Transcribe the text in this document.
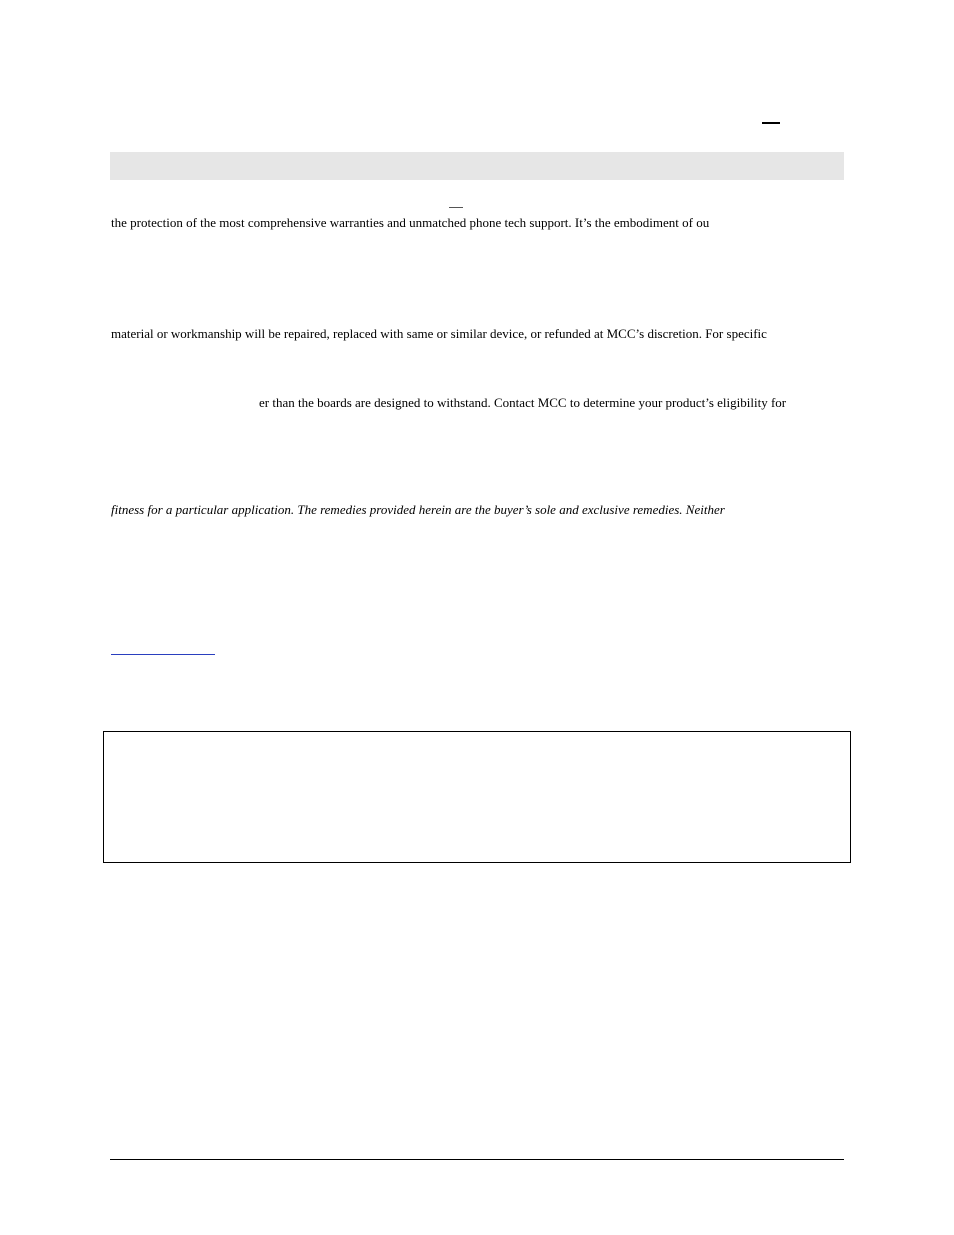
the protection of the most comprehensive warranties and unmatched phone tech support. It’s the embodiment of ou
material or workmanship will be repaired, replaced with same or similar device, or refunded at MCC’s discretion. For specific
er than the boards are designed to withstand. Contact MCC to determine your product’s eligibility for
fitness for a particular application. The remedies provided herein are the buyer’s sole and exclusive remedies. Neither
